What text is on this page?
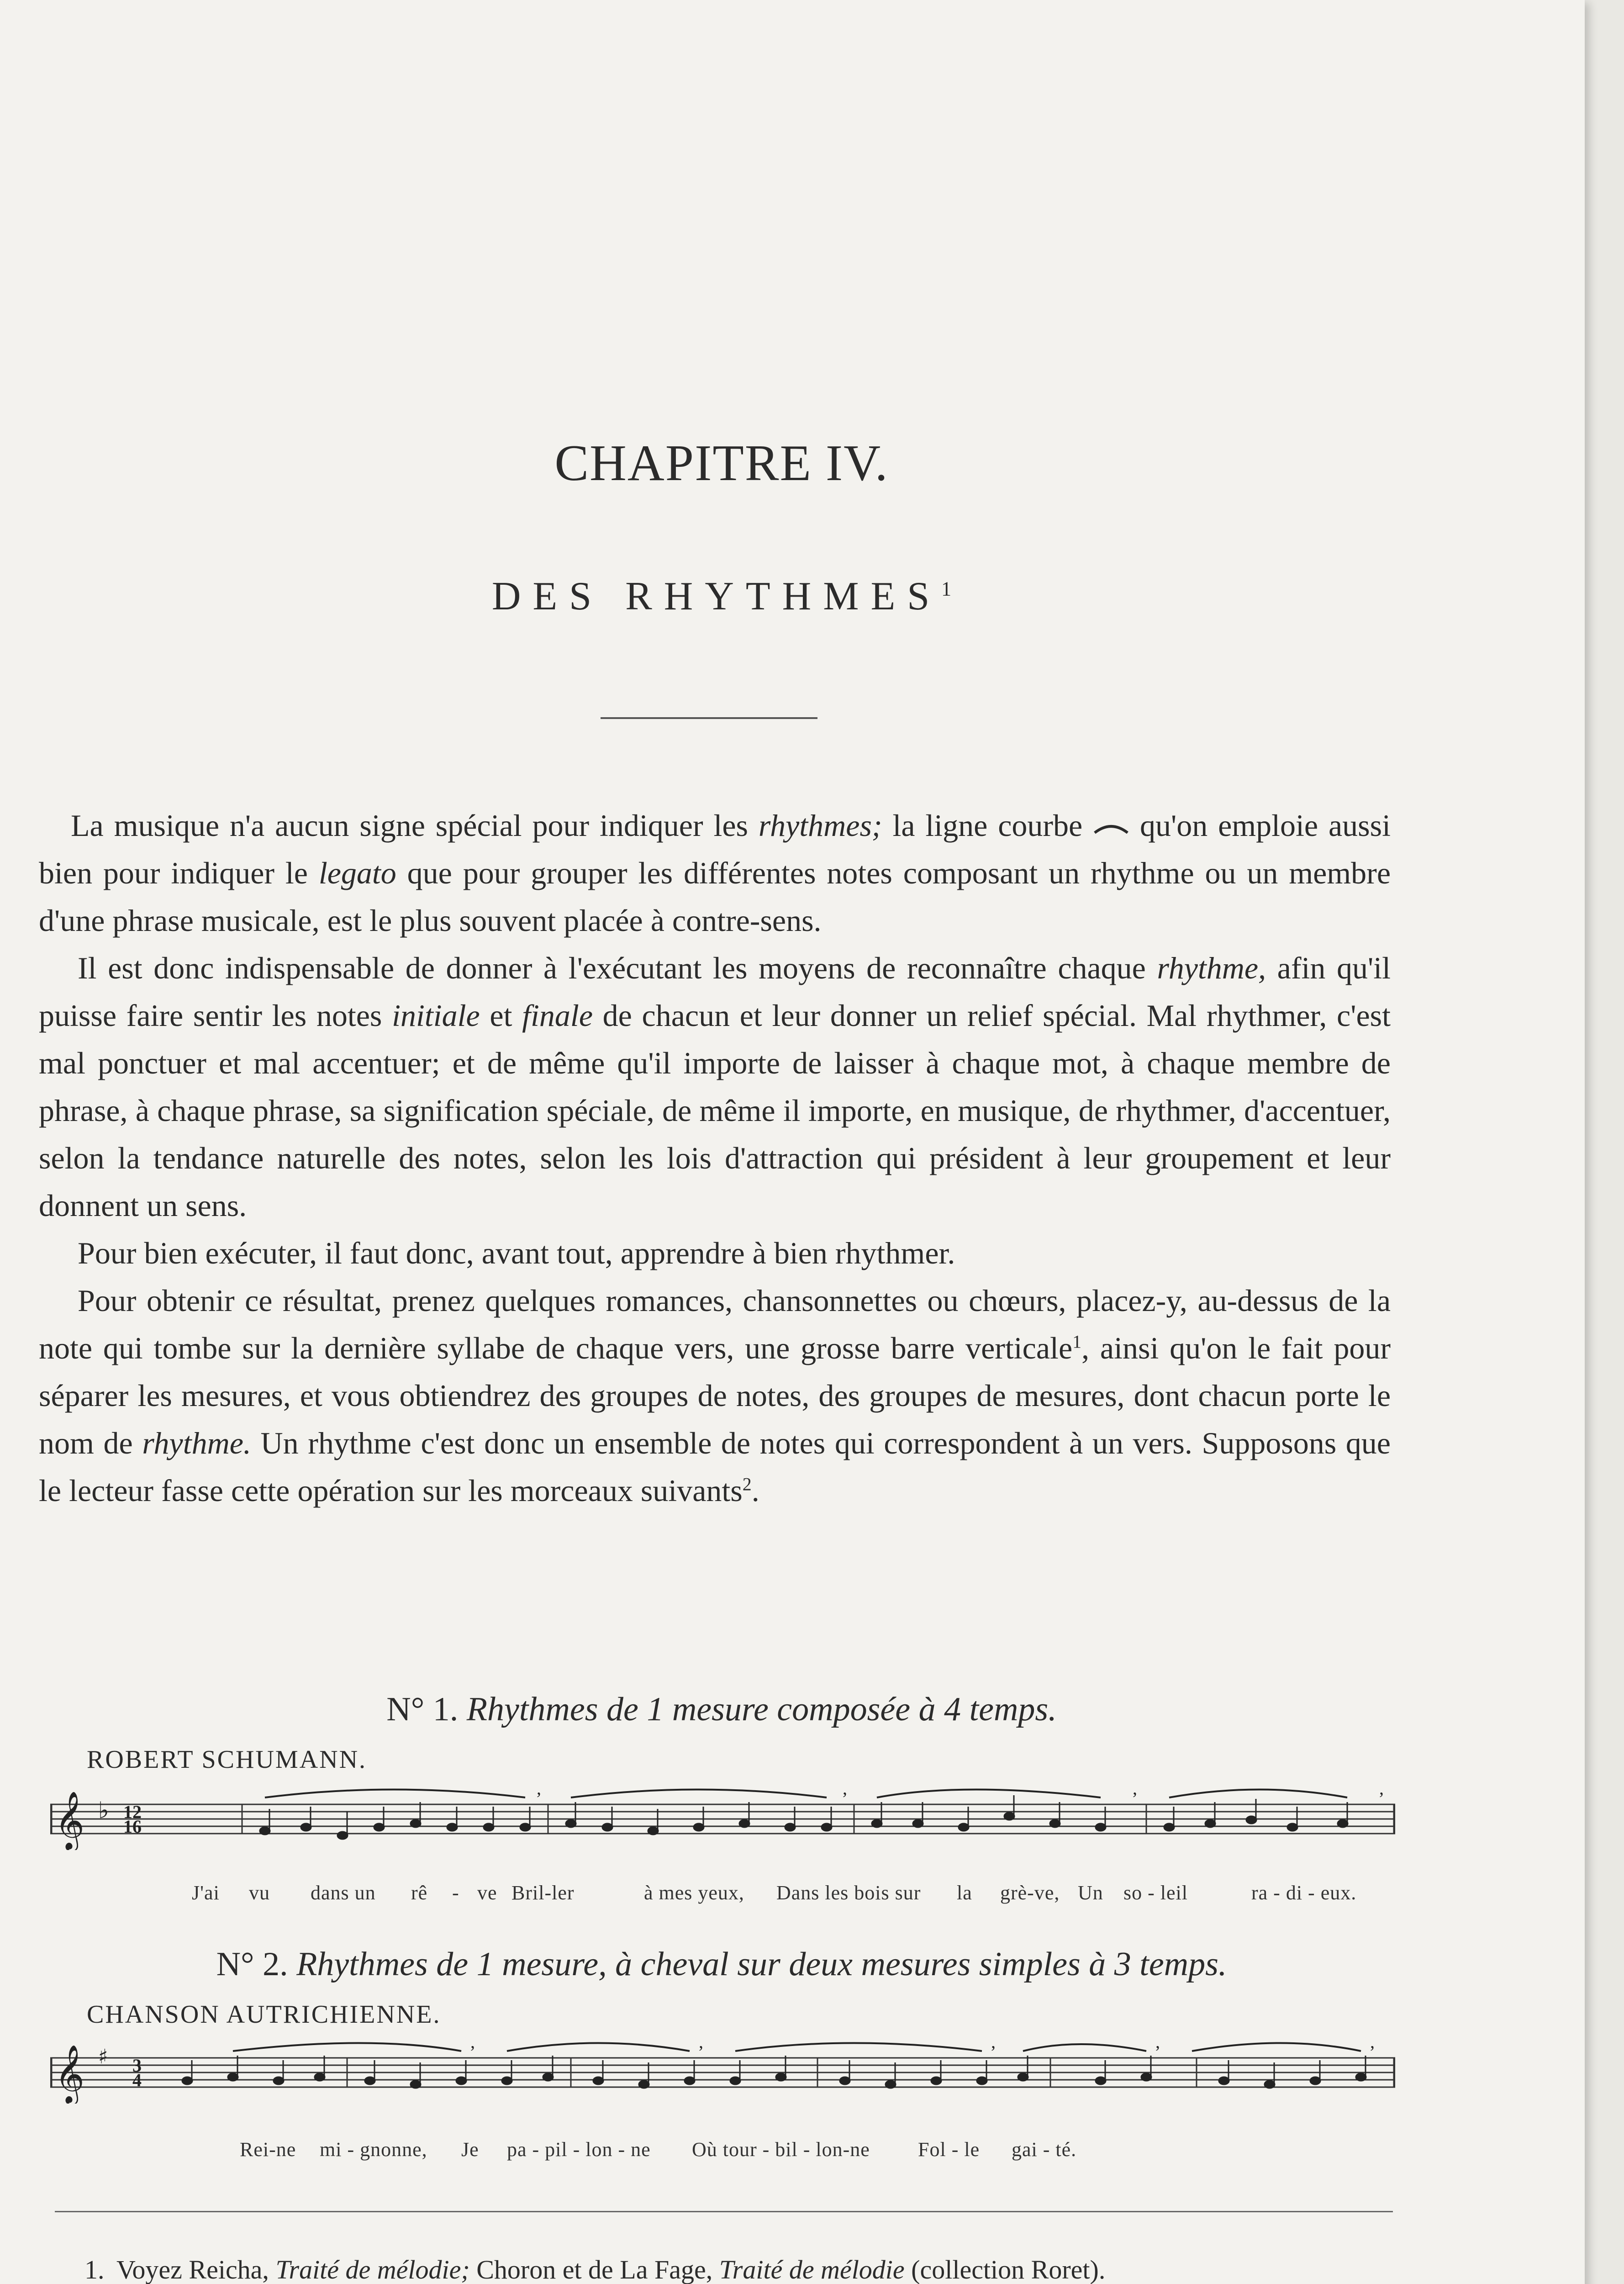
CHAPITRE IV.
DES RHYTHMES$^1$

La musique n'a aucun signe spécial pour indiquer les rhythmes; la ligne courbe  qu'on emploie aussi bien pour indiquer le legato que pour grouper les différentes notes composant un rhythme ou un membre d'une phrase musicale, est le plus souvent placée à contre-sens.

Il est donc indispensable de donner à l'exécutant les moyens de reconnaître chaque rhythme, afin qu'il puisse faire sentir les notes initiale et finale de chacun et leur donner un relief spécial. Mal rhythmer, c'est mal ponctuer et mal accentuer; et de même qu'il importe de laisser à chaque mot, à chaque membre de phrase, à chaque phrase, sa signification spéciale, de même il importe, en musique, de rhythmer, d'accentuer, selon la tendance naturelle des notes, selon les lois d'attraction qui président à leur groupement et leur donnent un sens.

Pour bien exécuter, il faut donc, avant tout, apprendre à bien rhythmer.

Pour obtenir ce résultat, prenez quelques romances, chansonnettes ou chœurs, placez-y, au-dessus de la note qui tombe sur la dernière syllabe de chaque vers, une grosse barre verticale$^1$, ainsi qu'on le fait pour séparer les mesures, et vous obtiendrez des groupes de notes, des groupes de mesures, dont chacun porte le nom de rhythme. Un rhythme c'est donc un ensemble de notes qui correspondent à un vers. Supposons que le lecteur fasse cette opération sur les morceaux suivants$^2$.

N° 1. Rhythmes de 1 mesure composée à 4 temps.
ROBERT SCHUMANN.
𝄞 ♭ 12
16
,	,	,	,
J'ai vu dans un rê - ve Bril-ler	à mes yeux, Dans les bois sur la grè-ve, Un so - leil	ra - di - eux.
N° 2. Rhythmes de 1 mesure, à cheval sur deux mesures simples à 3 temps.
CHANSON AUTRICHIENNE.
𝄞 ♯ 3
4
,	,	,	,	,
Rei-ne mi - gnonne, Je pa - pil - lon - ne Où tour - bil - lon-ne Fol - le gai - té.
1. Voyez Reicha, Traité de mélodie; Choron et de La Fage, Traité de mélodie (collection Roret).
